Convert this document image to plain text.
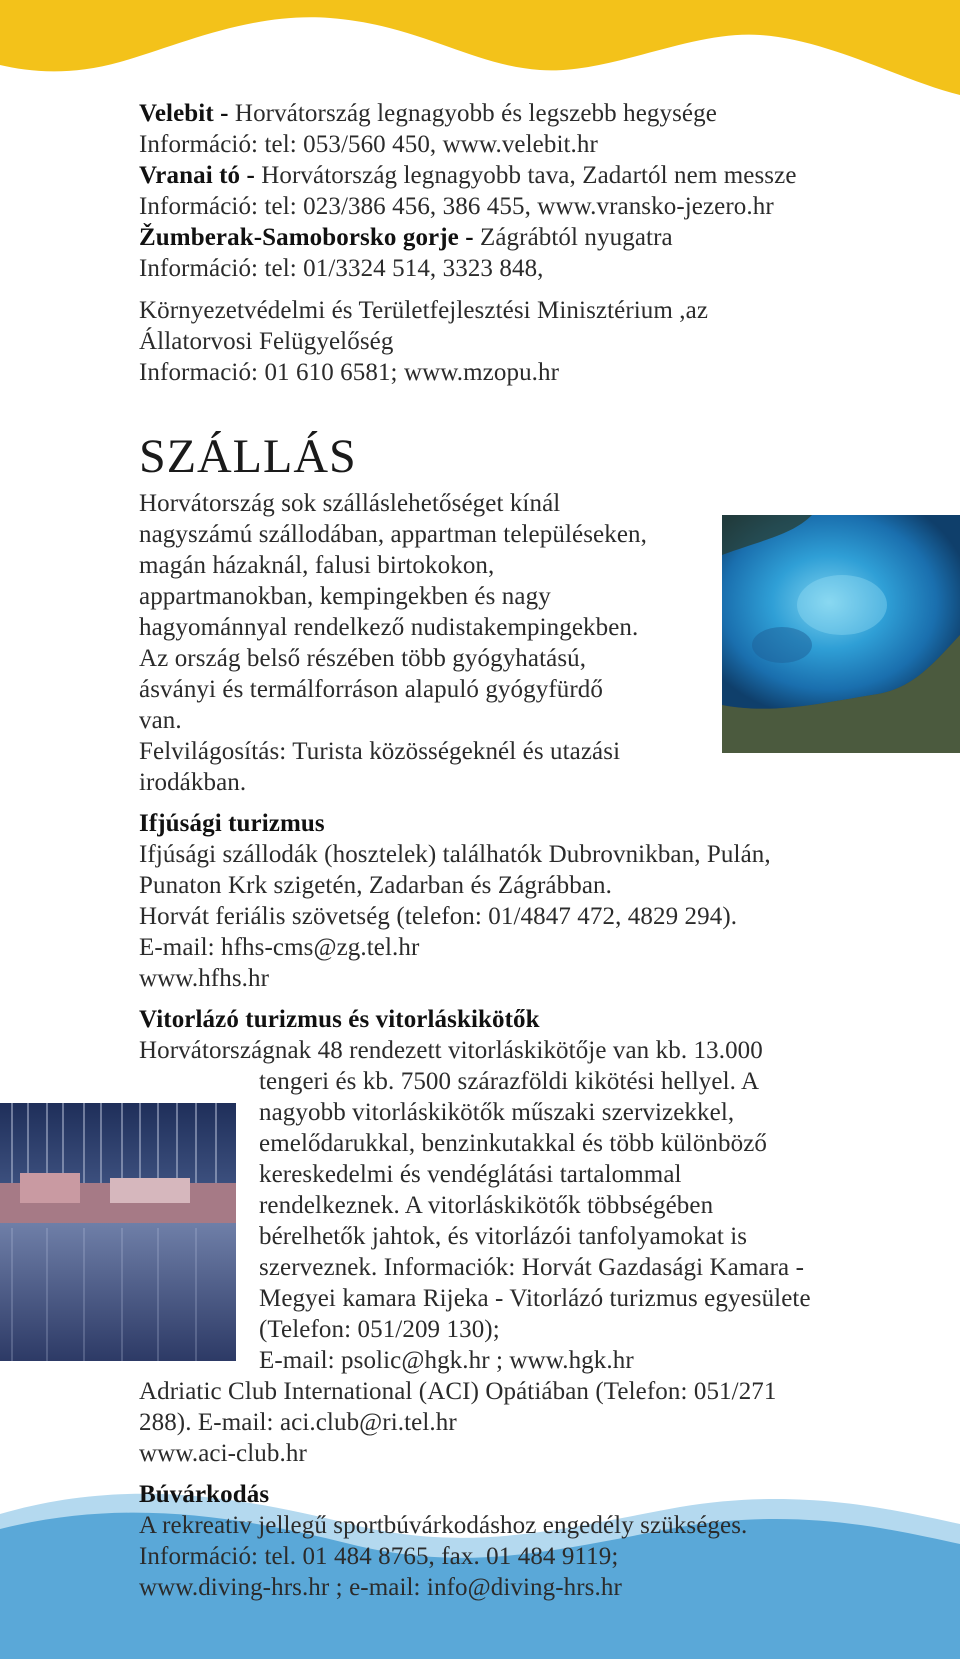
Velebit - Horvátország legnagyobb és legszebb hegysége
Információ: tel: 053/560 450, www.velebit.hr
Vranai tó - Horvátország legnagyobb tava, Zadartól nem messze
Információ: tel: 023/386 456, 386 455, www.vransko-jezero.hr
Žumberak-Samoborsko gorje - Zágrábtól nyugatra
Információ: tel: 01/3324 514, 3323 848,
Környezetvédelmi és Területfejlesztési Minisztérium ,az
Állatorvosi Felügyelőség
Informació: 01 610 6581; www.mzopu.hr
SZÁLLÁS
Horvátország sok szálláslehetőséget kínál
nagyszámú szállodában, appartman településeken,
magán házaknál, falusi birtokokon,
appartmanokban, kempingekben és nagy
hagyománnyal rendelkező nudistakempingekben.
Az ország belső részében több gyógyhatású,
ásványi és termálforráson alapuló gyógyfürdő
van.
Felvilágosítás: Turista közösségeknél és utazási
irodákban.
Ifjúsági turizmus
Ifjúsági szállodák (hosztelek) találhatók Dubrovnikban, Pulán,
Punaton Krk szigetén, Zadarban és Zágrábban.
Horvát feriális szövetség (telefon: 01/4847 472, 4829 294).
E-mail: hfhs-cms@zg.tel.hr
www.hfhs.hr
Vitorlázó turizmus és vitorláskikötők
Horvátországnak 48 rendezett vitorláskikötője van kb. 13.000
tengeri és kb. 7500 szárazföldi kikötési hellyel. A
nagyobb vitorláskikötők műszaki szervizekkel,
emelődarukkal, benzinkutakkal és több különböző
kereskedelmi és vendéglátási tartalommal
rendelkeznek. A vitorláskikötők többségében
bérelhetők jahtok, és vitorlázói tanfolyamokat is
szerveznek. Informaciók: Horvát Gazdasági Kamara -
Megyei kamara Rijeka - Vitorlázó turizmus egyesülete
(Telefon: 051/209 130);
E-mail: psolic@hgk.hr ; www.hgk.hr
Adriatic Club International (ACI) Opátiában (Telefon: 051/271
288). E-mail: aci.club@ri.tel.hr
www.aci-club.hr
Búvárkodás
A rekreativ jellegű sportbúvárkodáshoz engedély szükséges.
Információ: tel. 01 484 8765, fax. 01 484 9119;
www.diving-hrs.hr ; e-mail: info@diving-hrs.hr
